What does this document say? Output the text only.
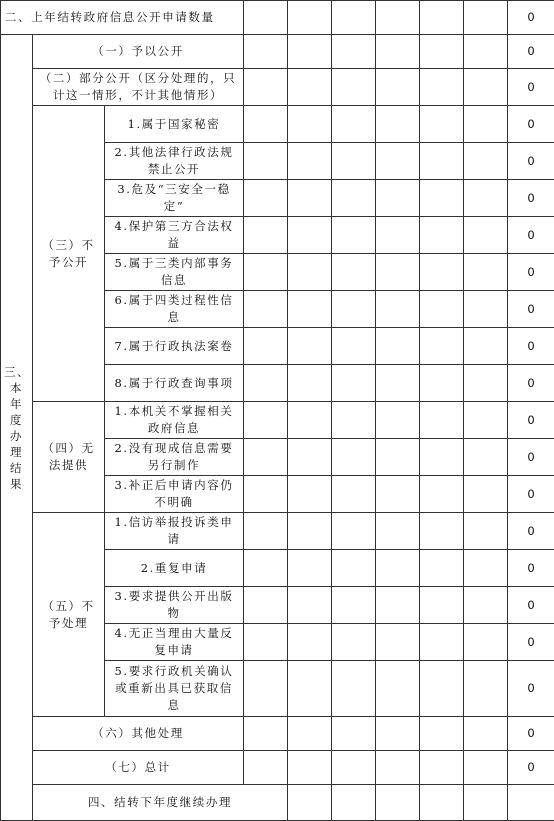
二、上年结转政府信息公开申请数量									0	
三、本年度办理结果	（一）予以公开								0	
	（二）部分公开（区分处理的，只计这一情形，不计其他情形）								0	
	（三）不予公开	1.属于国家秘密							0	
		2.其他法律行政法规禁止公开							0	
		3.危及“三安全一稳定”							0	
		4.保护第三方合法权益							0	
		5.属于三类内部事务信息							0	
		6.属于四类过程性信息							0	
		7.属于行政执法案卷							0	
		8.属于行政查询事项							0	
	（四）无法提供	1.本机关不掌握相关政府信息							0	
		2.没有现成信息需要另行制作							0	
		3.补正后申请内容仍不明确							0	
	（五）不予处理	1.信访举报投诉类申请							0	
		2.重复申请							0	
		3.要求提供公开出版物							0	
		4.无正当理由大量反复申请							0	
		5.要求行政机关确认或重新出具已获取信息							0	
	（六）其他处理								0	
	（七）总计								0	
	四、结转下年度继续办理							
